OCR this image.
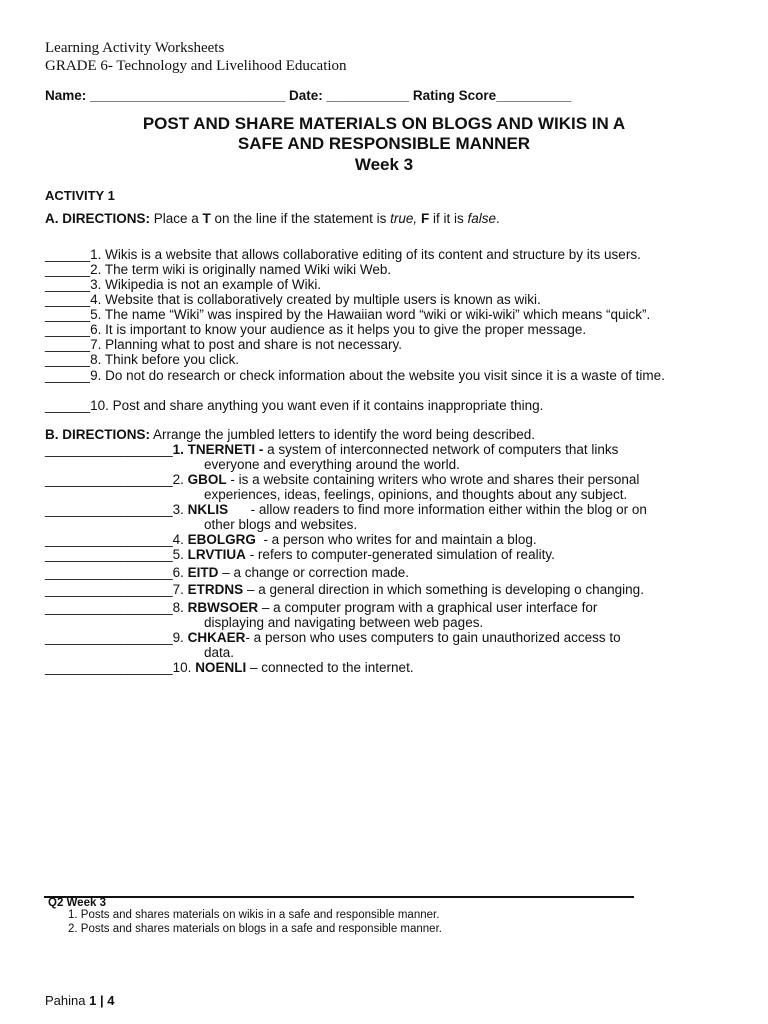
Learning Activity Worksheets
GRADE 6- Technology and Livelihood Education
Name: __________________________ Date: ___________ Rating Score__________
POST AND SHARE MATERIALS ON BLOGS AND WIKIS IN A
SAFE AND RESPONSIBLE MANNER
Week 3
ACTIVITY 1
A. DIRECTIONS: Place a T on the line if the statement is true, F if it is false.
______1. Wikis is a website that allows collaborative editing of its content and structure by its users.
______2. The term wiki is originally named Wiki wiki Web.
______3. Wikipedia is not an example of Wiki.
______4. Website that is collaboratively created by multiple users is known as wiki.
______5. The name “Wiki” was inspired by the Hawaiian word “wiki or wiki-wiki” which means “quick”.
______6. It is important to know your audience as it helps you to give the proper message.
______7. Planning what to post and share is not necessary.
______8. Think before you click.
______ 9. Do not do research or check information about the website you visit since it is a waste of time.
______10. Post and share anything you want even if it contains inappropriate thing.
B. DIRECTIONS: Arrange the jumbled letters to identify the word being described.
_________________1. TNERNETI - a system of interconnected network of computers that links
everyone and everything around the world.
_________________2. GBOL - is a website containing writers who wrote and shares their personal
experiences, ideas, feelings, opinions, and thoughts about any subject.
_________________3. NKLIS      - allow readers to find more information either within the blog or on
other blogs and websites.
_________________4. EBOLGRG  - a person who writes for and maintain a blog.
_________________5. LRVTIUA - refers to computer-generated simulation of reality.
_________________6. EITD – a change or correction made.
_________________7. ETRDNS – a general direction in which something is developing o changing.
_________________8. RBWSOER – a computer program with a graphical user interface for
displaying and navigating between web pages.
_________________9. CHKAER- a person who uses computers to gain unauthorized access to
data.
_________________10. NOENLI – connected to the internet.
Q2 Week 3
1. Posts and shares materials on wikis in a safe and responsible manner.
2. Posts and shares materials on blogs in a safe and responsible manner.
Pahina 1 | 4
